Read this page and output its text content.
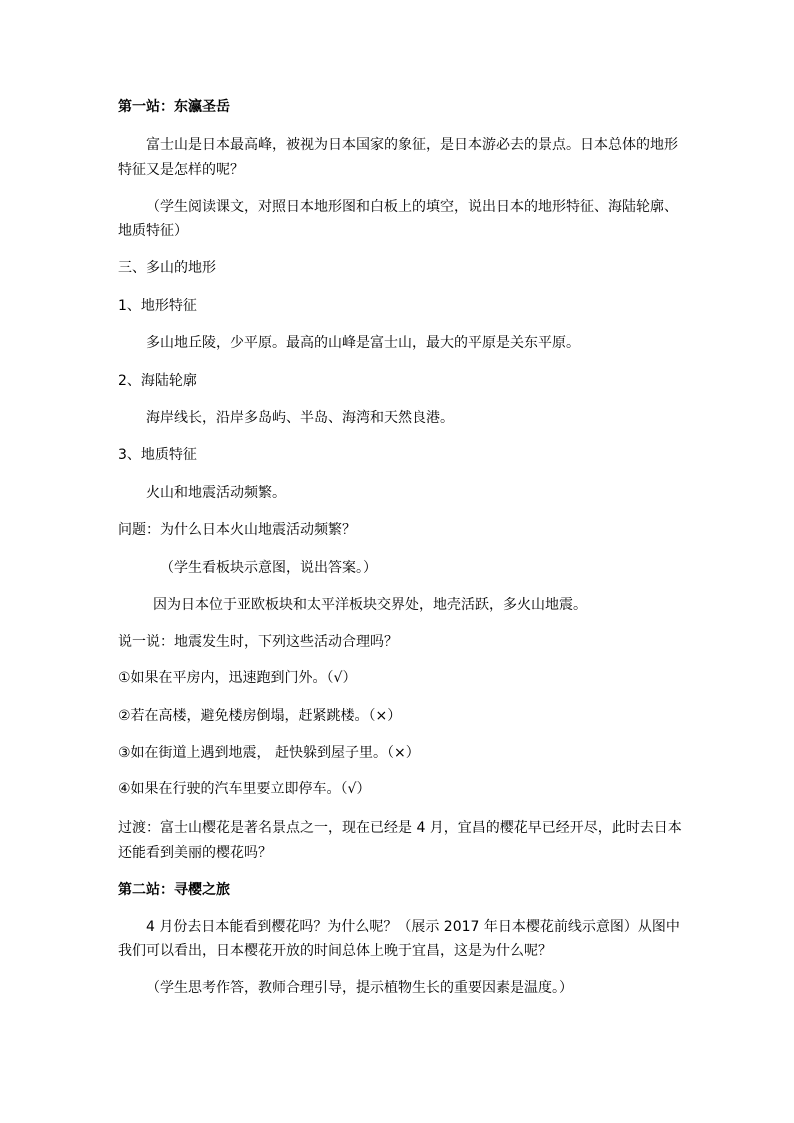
第一站：东瀛圣岳
富士山是日本最高峰，被视为日本国家的象征，是日本游必去的景点。日本总体的地形
特征又是怎样的呢？
（学生阅读课文，对照日本地形图和白板上的填空，说出日本的地形特征、海陆轮廓、
地质特征）
三、多山的地形
1、地形特征
多山地丘陵，少平原。最高的山峰是富士山，最大的平原是关东平原。
2、海陆轮廓
海岸线长，沿岸多岛屿、半岛、海湾和天然良港。
3、地质特征
火山和地震活动频繁。
问题：为什么日本火山地震活动频繁？
（学生看板块示意图，说出答案。）
因为日本位于亚欧板块和太平洋板块交界处，地壳活跃，多火山地震。
说一说：地震发生时，下列这些活动合理吗？
①如果在平房内，迅速跑到门外。（√）
②若在高楼，避免楼房倒塌，赶紧跳楼。（×）
③如在街道上遇到地震， 赶快躲到屋子里。（×）
④如果在行驶的汽车里要立即停车。（√）
过渡：富士山樱花是著名景点之一，现在已经是 4 月，宜昌的樱花早已经开尽，此时去日本
还能看到美丽的樱花吗？
第二站：寻樱之旅
4 月份去日本能看到樱花吗？为什么呢？（展示 2017 年日本樱花前线示意图）从图中
我们可以看出，日本樱花开放的时间总体上晚于宜昌，这是为什么呢？
（学生思考作答，教师合理引导，提示植物生长的重要因素是温度。）
